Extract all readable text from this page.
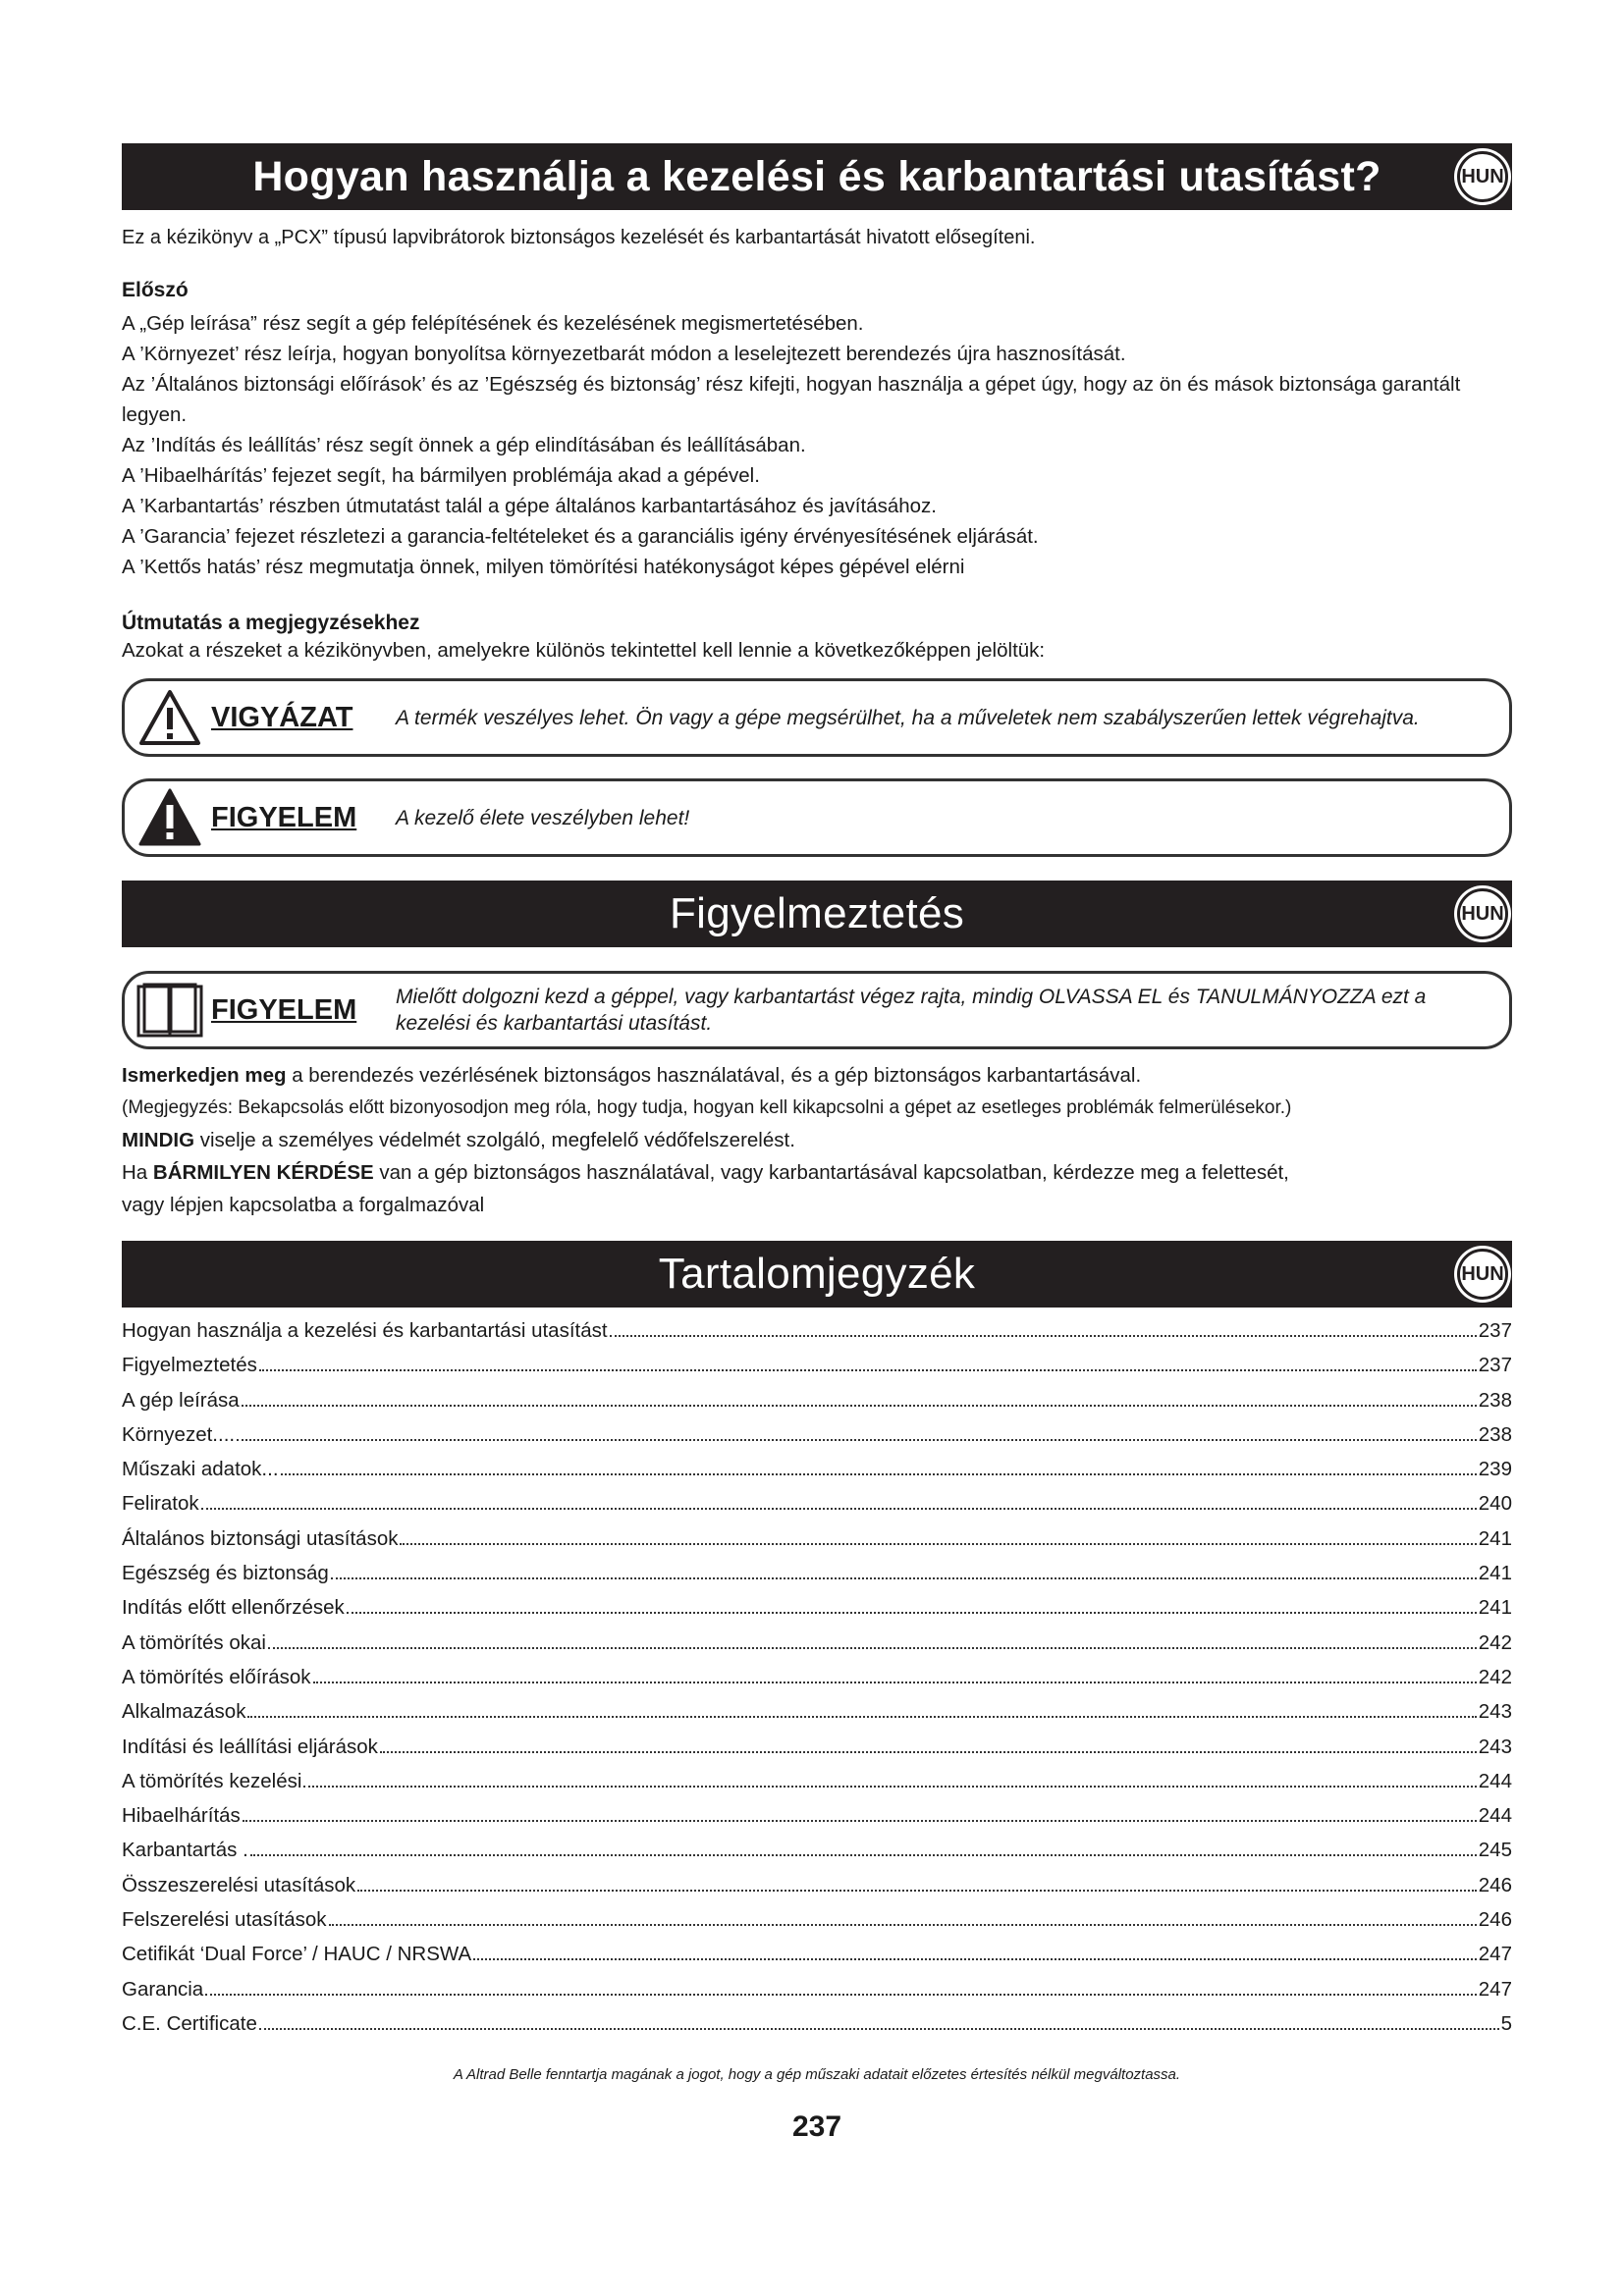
Hogyan használja a kezelési és karbantartási utasítást?	HUN

Ez a kézikönyv a „PCX” típusú lapvibrátorok biztonságos kezelését és karbantartását hivatott elősegíteni.

Előszó

A „Gép leírása” rész segít a gép felépítésének és kezelésének megismertetésében.

A ’Környezet’ rész leírja, hogyan bonyolítsa környezetbarát módon a leselejtezett berendezés újra hasznosítását.

Az ’Általános biztonsági előírások’ és az ’Egészség és biztonság’ rész kifejti, hogyan használja a gépet úgy, hogy az ön és mások biztonsága garantált legyen.

Az ’Indítás és leállítás’ rész segít önnek a gép elindításában és leállításában.

A ’Hibaelhárítás’ fejezet segít, ha bármilyen problémája akad a gépével.

A ’Karbantartás’ részben útmutatást talál a gépe általános karbantartásához és javításához.

A ’Garancia’ fejezet részletezi a garancia-feltételeket és a garanciális igény érvényesítésének eljárását.

A ’Kettős hatás’ rész megmutatja önnek, milyen tömörítési hatékonyságot képes gépével elérni

Útmutatás a megjegyzésekhez

Azokat a részeket a kézikönyvben, amelyekre különös tekintettel kell lennie a következőképpen jelöltük:

VIGYÁZAT	A termék veszélyes lehet. Ön vagy a gépe megsérülhet, ha a műveletek nem szabályszerűen lettek végrehajtva.
FIGYELEM	A kezelő élete veszélyben lehet!
Figyelmeztetés	HUN
FIGYELEM	Mielőtt dolgozni kezd a géppel, vagy karbantartást végez rajta, mindig OLVASSA EL és TANULMÁNYOZZA ezt a kezelési és karbantartási utasítást.

Ismerkedjen meg a berendezés vezérlésének biztonságos használatával, és a gép biztonságos karbantartásával.

(Megjegyzés: Bekapcsolás előtt bizonyosodjon meg róla, hogy tudja, hogyan kell kikapcsolni a gépet az esetleges problémák felmerülésekor.)

MINDIG viselje a személyes védelmét szolgáló, megfelelő védőfelszerelést.

Ha BÁRMILYEN KÉRDÉSE van a gép biztonságos használatával, vagy karbantartásával kapcsolatban, kérdezze meg a felettesét,

vagy lépjen kapcsolatba a forgalmazóval

Tartalomjegyzék	HUN
Hogyan használja a kezelési és karbantartási utasítást	237
Figyelmeztetés	237
A gép leírása	238
Környezet....	238
Műszaki adatok...	239
Feliratok	240
Általános biztonsági utasítások	241
Egészség és biztonság	241
Indítás előtt ellenőrzések	241
A tömörítés okai	242
A tömörítés előírások	242
Alkalmazások	243
Indítási és leállítási eljárások	243
A tömörítés kezelési	244
Hibaelhárítás	244
Karbantartás .	245
Összeszerelési utasítások	246
Felszerelési utasítások	246
Cetifikát ‘Dual Force’ / HAUC / NRSWA	247
Garancia	247
C.E. Certificate	5
A Altrad Belle fenntartja magának a jogot, hogy a gép műszaki adatait előzetes értesítés nélkül megváltoztassa.
237
